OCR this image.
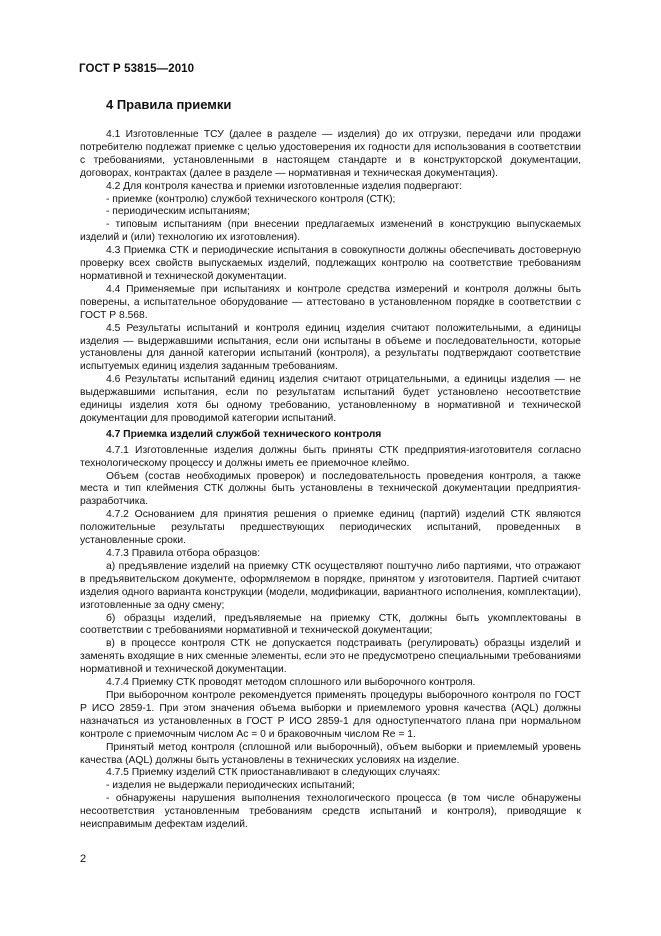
ГОСТ Р 53815—2010
4 Правила приемки

4.1 Изготовленные ТСУ (далее в разделе — изделия) до их отгрузки, передачи или продажи потребителю подлежат приемке с целью удостоверения их годности для использования в соответствии с требованиями, установленными в настоящем стандарте и в конструкторской документации, договорах, контрактах (далее в разделе — нормативная и техническая документация).

4.2 Для контроля качества и приемки изготовленные изделия подвергают:

- приемке (контролю) службой технического контроля (СТК);

- периодическим испытаниям;

- типовым испытаниям (при внесении предлагаемых изменений в конструкцию выпускаемых изделий и (или) технологию их изготовления).

4.3 Приемка СТК и периодические испытания в совокупности должны обеспечивать достоверную проверку всех свойств выпускаемых изделий, подлежащих контролю на соответствие требованиям нормативной и технической документации.

4.4 Применяемые при испытаниях и контроле средства измерений и контроля должны быть поверены, а испытательное оборудование — аттестовано в установленном порядке в соответствии с ГОСТ Р 8.568.

4.5 Результаты испытаний и контроля единиц изделия считают положительными, а единицы изделия — выдержавшими испытания, если они испытаны в объеме и последовательности, которые установлены для данной категории испытаний (контроля), а результаты подтверждают соответствие испытуемых единиц изделия заданным требованиям.

4.6 Результаты испытаний единиц изделия считают отрицательными, а единицы изделия — не выдержавшими испытания, если по результатам испытаний будет установлено несоответствие единицы изделия хотя бы одному требованию, установленному в нормативной и технической документации для проводимой категории испытаний.

4.7 Приемка изделий службой технического контроля

4.7.1 Изготовленные изделия должны быть приняты СТК предприятия-изготовителя согласно технологическому процессу и должны иметь ее приемочное клеймо.

Объем (состав необходимых проверок) и последовательность проведения контроля, а также места и тип клеймения СТК должны быть установлены в технической документации предприятия-разработчика.

4.7.2 Основанием для принятия решения о приемке единиц (партий) изделий СТК являются положительные результаты предшествующих периодических испытаний, проведенных в установленные сроки.

4.7.3 Правила отбора образцов:

а) предъявление изделий на приемку СТК осуществляют поштучно либо партиями, что отражают в предъявительском документе, оформляемом в порядке, принятом у изготовителя. Партией считают изделия одного варианта конструкции (модели, модификации, вариантного исполнения, комплектации), изготовленные за одну смену;

б) образцы изделий, предъявляемые на приемку СТК, должны быть укомплектованы в соответствии с требованиями нормативной и технической документации;

в) в процессе контроля СТК не допускается подстраивать (регулировать) образцы изделий и заменять входящие в них сменные элементы, если это не предусмотрено специальными требованиями нормативной и технической документации.

4.7.4 Приемку СТК проводят методом сплошного или выборочного контроля.

При выборочном контроле рекомендуется применять процедуры выборочного контроля по ГОСТ Р ИСО 2859-1. При этом значения объема выборки и приемлемого уровня качества (AQL) должны назначаться из установленных в ГОСТ Р ИСО 2859-1 для одноступенчатого плана при нормальном контроле с приемочным числом Ac = 0 и браковочным числом Re = 1.

Принятый метод контроля (сплошной или выборочный), объем выборки и приемлемый уровень качества (AQL) должны быть установлены в технических условиях на изделие.

4.7.5 Приемку изделий СТК приостанавливают в следующих случаях:

- изделия не выдержали периодических испытаний;

- обнаружены нарушения выполнения технологического процесса (в том числе обнаружены несоответствия установленным требованиям средств испытаний и контроля), приводящие к неисправимым дефектам изделий.

2
